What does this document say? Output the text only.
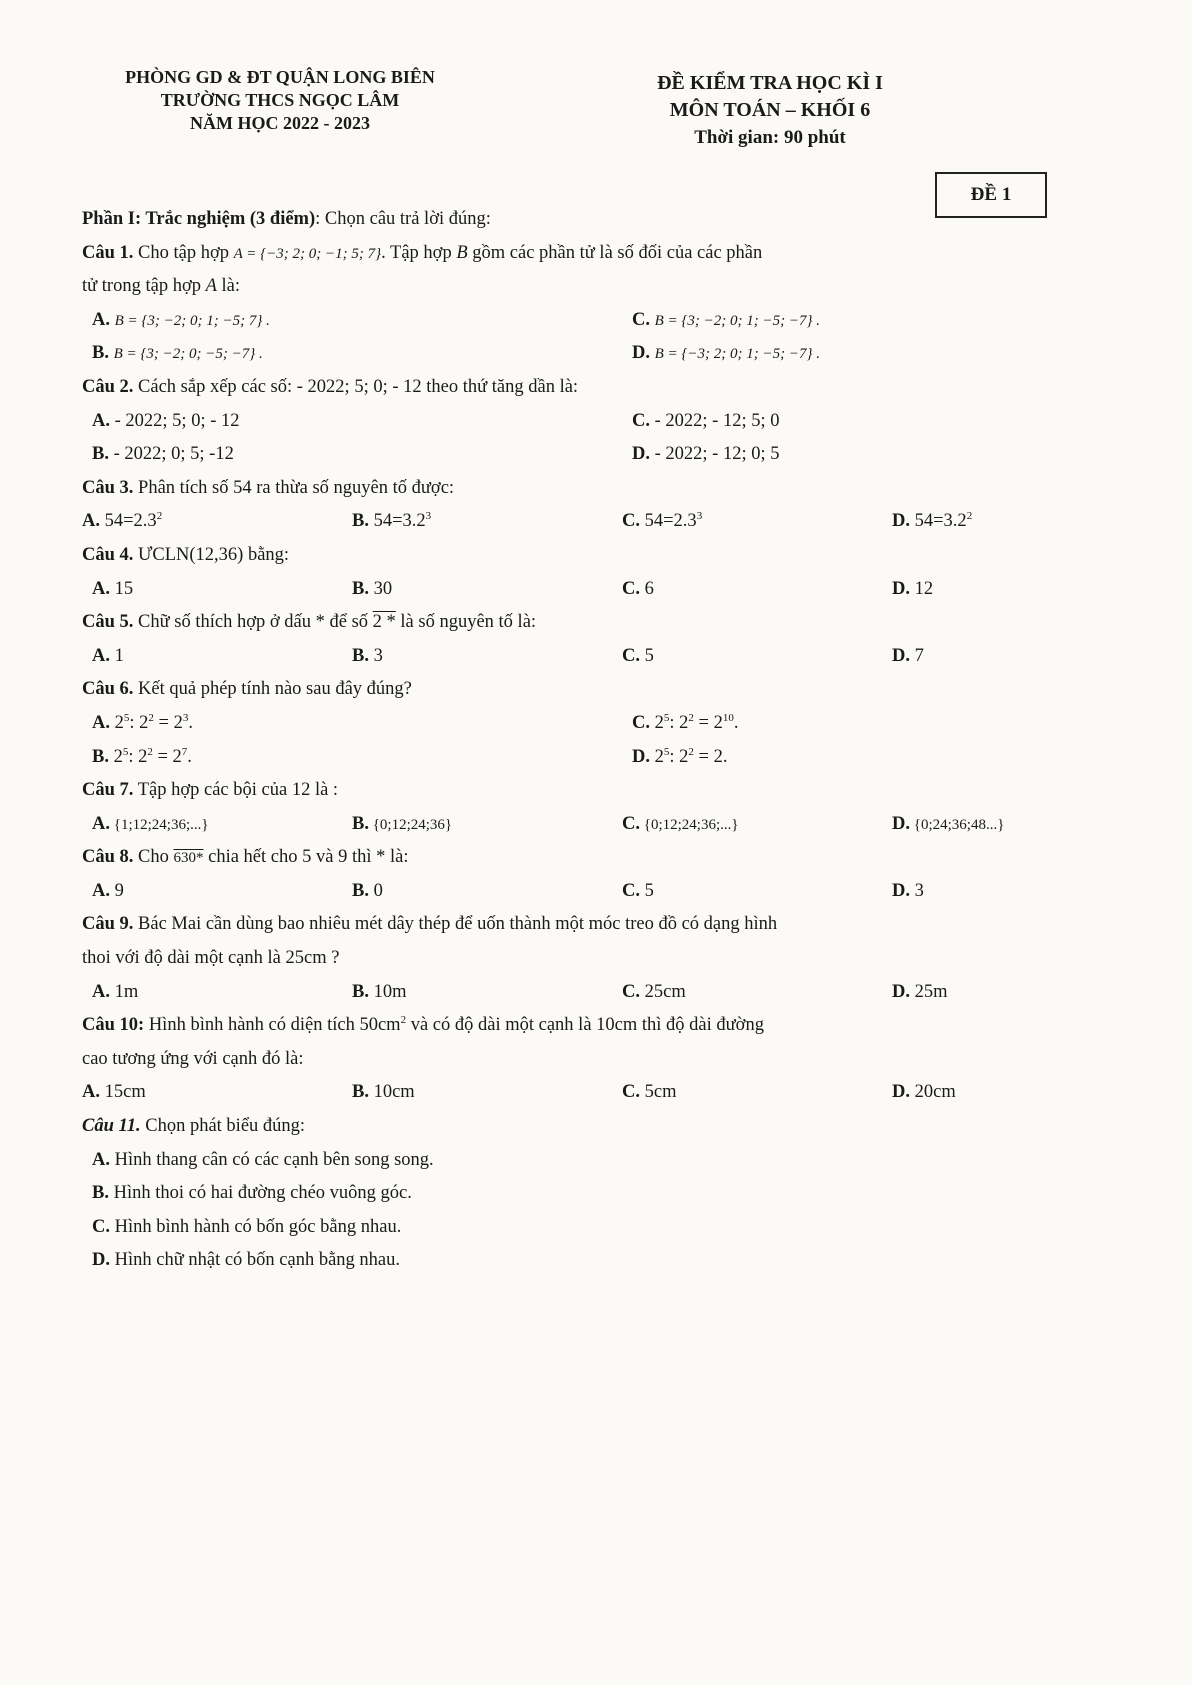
PHÒNG GD & ĐT QUẬN LONG BIÊN
TRƯỜNG THCS NGỌC LÂM
NĂM HỌC 2022 - 2023
ĐỀ KIỂM TRA HỌC KÌ I
MÔN TOÁN – KHỐI 6
Thời gian: 90 phút
ĐỀ 1
Phần I: Trắc nghiệm (3 điểm): Chọn câu trả lời đúng:
Câu 1. Cho tập hợp A = {−3; 2; 0; −1; 5; 7}. Tập hợp B gồm các phần tử là số đối của các phần
tử trong tập hợp A là:
A. B = {3; −2; 0; 1; −5; 7} .	C. B = {3; −2; 0; 1; −5; −7} .
B. B = {3; −2; 0; −5; −7} .	D. B = {−3; 2; 0; 1; −5; −7} .
Câu 2. Cách sắp xếp các số: - 2022; 5; 0; - 12 theo thứ tăng dần là:
A. - 2022; 5; 0; - 12	C. - 2022; - 12; 5; 0
B. - 2022; 0; 5; -12	D. - 2022; - 12; 0; 5
Câu 3. Phân tích số 54 ra thừa số nguyên tố được:
A. $54=2.3^2$	B. $54=3.2^3$	C. $54=2.3^3$	D. $54=3.2^2$
Câu 4. ƯCLN(12,36) bằng:
A. 15	B. 30	C. 6	D. 12
Câu 5. Chữ số thích hợp ở dấu * để số 2 * là số nguyên tố là:
A. 1	B. 3	C. 5	D. 7
Câu 6. Kết quả phép tính nào sau đây đúng?
A. $2^5$: $2^2 = 2^3$.	C. $2^5$: $2^2 = 2^{10}$.
B. $2^5$: $2^2 = 2^7$.	D. $2^5$: $2^2 = 2$.
Câu 7. Tập hợp các bội của 12 là :
A. {1;12;24;36;...}	B. {0;12;24;36}	C. {0;12;24;36;...}	D. {0;24;36;48...}
Câu 8. Cho 630* chia hết cho 5 và 9 thì * là:
A. 9	B. 0	C. 5	D. 3
Câu 9. Bác Mai cần dùng bao nhiêu mét dây thép để uốn thành một móc treo đồ có dạng hình
thoi với độ dài một cạnh là 25cm ?
A. 1m	B. 10m	C. 25cm	D. 25m
Câu 10: Hình bình hành có diện tích $50cm^2$ và có độ dài một cạnh là 10cm thì độ dài đường
cao tương ứng với cạnh đó là:
A. 15cm	B. 10cm	C. 5cm	D. 20cm
Câu 11. Chọn phát biểu đúng:
A. Hình thang cân có các cạnh bên song song.
B. Hình thoi có hai đường chéo vuông góc.
C. Hình bình hành có bốn góc bằng nhau.
D. Hình chữ nhật có bốn cạnh bằng nhau.
